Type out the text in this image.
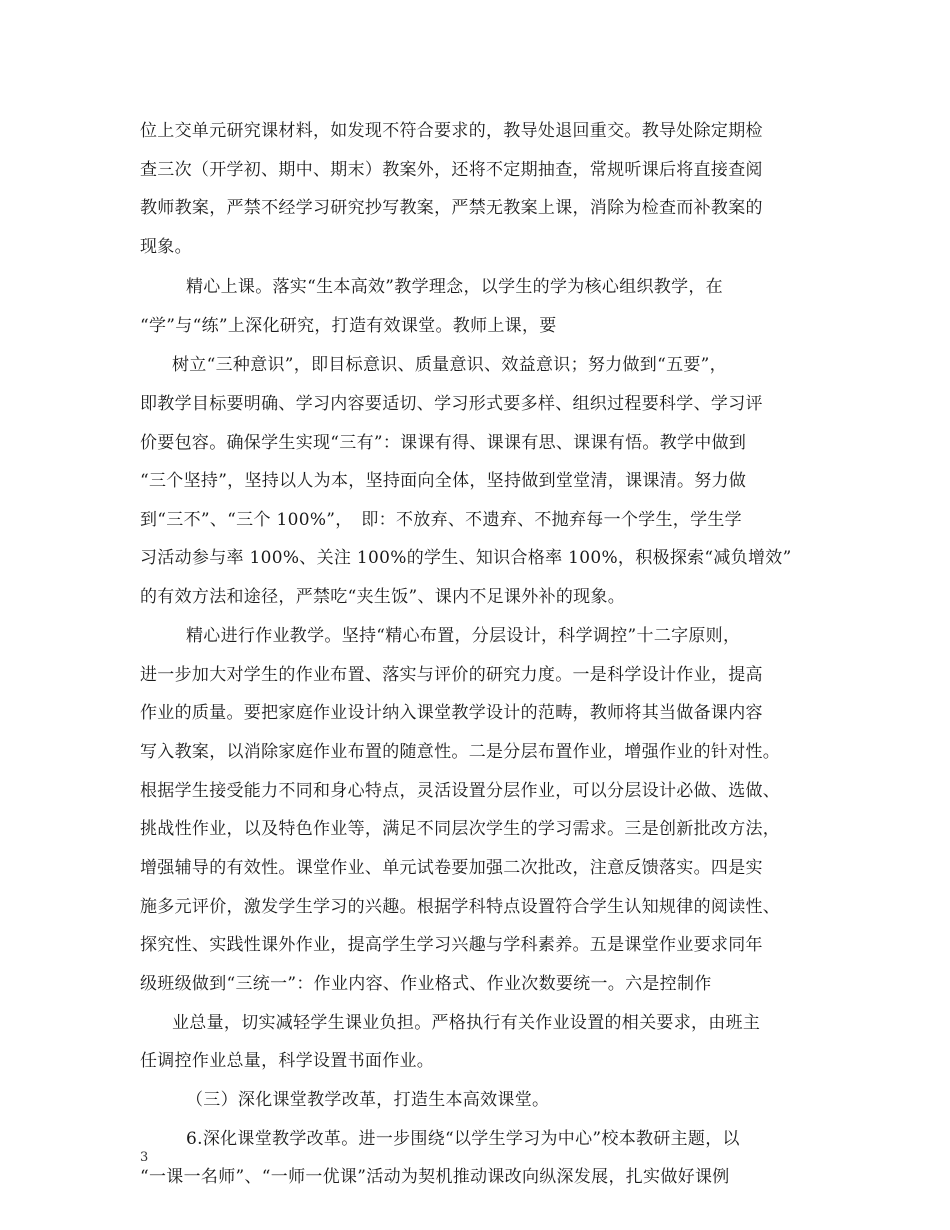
位上交单元研究课材料，如发现不符合要求的，教导处退回重交。教导处除定期检
查三次（开学初、期中、期末）教案外，还将不定期抽查，常规听课后将直接查阅
教师教案，严禁不经学习研究抄写教案，严禁无教案上课，消除为检查而补教案的
现象。
精心上课。落实“生本高效”教学理念，以学生的学为核心组织教学，在
“学”与“练”上深化研究，打造有效课堂。教师上课，要
树立“三种意识”，即目标意识、质量意识、效益意识；努力做到“五要”，
即教学目标要明确、学习内容要适切、学习形式要多样、组织过程要科学、学习评
价要包容。确保学生实现“三有”：课课有得、课课有思、课课有悟。教学中做到
“三个坚持”，坚持以人为本，坚持面向全体，坚持做到堂堂清，课课清。努力做
到“三不”、“三个 100%”，　即：不放弃、不遗弃、不抛弃每一个学生，学生学
习活动参与率 100%、关注 100%的学生、知识合格率 100%，积极探索“减负增效”
的有效方法和途径，严禁吃“夹生饭”、课内不足课外补的现象。
精心进行作业教学。坚持“精心布置，分层设计，科学调控”十二字原则，
进一步加大对学生的作业布置、落实与评价的研究力度。一是科学设计作业，提高
作业的质量。要把家庭作业设计纳入课堂教学设计的范畴，教师将其当做备课内容
写入教案，以消除家庭作业布置的随意性。二是分层布置作业，增强作业的针对性。
根据学生接受能力不同和身心特点，灵活设置分层作业，可以分层设计必做、选做、
挑战性作业，以及特色作业等，满足不同层次学生的学习需求。三是创新批改方法，
增强辅导的有效性。课堂作业、单元试卷要加强二次批改，注意反馈落实。四是实
施多元评价，激发学生学习的兴趣。根据学科特点设置符合学生认知规律的阅读性、
探究性、实践性课外作业，提高学生学习兴趣与学科素养。五是课堂作业要求同年
级班级做到“三统一”：作业内容、作业格式、作业次数要统一。六是控制作
业总量，切实减轻学生课业负担。严格执行有关作业设置的相关要求，由班主
任调控作业总量，科学设置书面作业。
（三）深化课堂教学改革，打造生本高效课堂。
6.深化课堂教学改革。进一步围绕“以学生学习为中心”校本教研主题，以
“一课一名师”、“一师一优课”活动为契机推动课改向纵深发展，扎实做好课例
3
